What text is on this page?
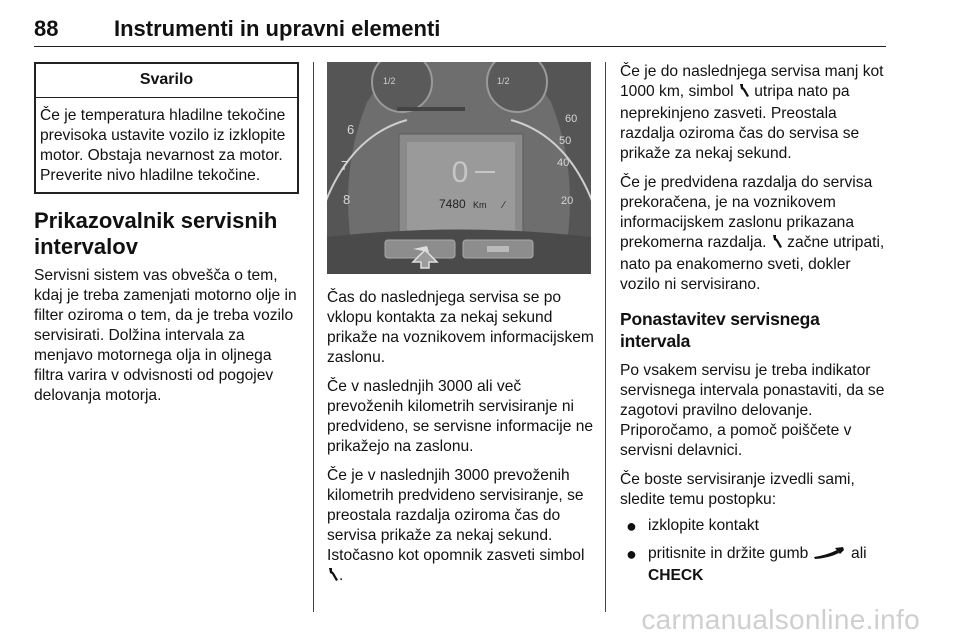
88	Instrumenti in upravni elementi
Svarilo
Če je temperatura hladilne tekočine previsoka ustavite vozilo iz izklopite motor. Obstaja nevarnost za motor. Preverite nivo hladilne tekočine.
Prikazovalnik servisnih intervalov

Servisni sistem vas obvešča o tem, kdaj je treba zamenjati motorno olje in filter oziroma o tem, da je treba vozilo servisirati. Dolžina intervala za menjavo motornega olja in oljnega filtra varira v odvisnosti od pogojev delovanja motorja.

1/2	1/2
6
7
8
60
50
40
20
0
7480 Km	∕

Čas do naslednjega servisa se po vklopu kontakta za nekaj sekund prikaže na voznikovem informacijskem zaslonu.

Če v naslednjih 3000 ali več prevoženih kilometrih servisiranje ni predvideno, se servisne informacije ne prikažejo na zaslonu.

Če je v naslednjih 3000 prevoženih kilometrih predvideno servisiranje, se preostala razdalja oziroma čas do servisa prikaže za nekaj sekund. Istočasno kot opomnik zasveti simbol .

Če je do naslednjega servisa manj kot 1000 km, simbol utripa nato pa neprekinjeno zasveti. Preostala razdalja oziroma čas do servisa se prikaže za nekaj sekund.

Če je predvidena razdalja do servisa prekoračena, je na voznikovem informacijskem zaslonu prikazana prekomerna razdalja. začne utripati, nato pa enakomerno sveti, dokler vozilo ni servisirano.

Ponastavitev servisnega intervala

Po vsakem servisu je treba indikator servisnega intervala ponastaviti, da se zagotovi pravilno delovanje. Priporočamo, a pomoč poiščete v servisni delavnici.

Če boste servisiranje izvedli sami, sledite temu postopku:

● izklopite kontakt
● pritisnite in držite gumb	ali
CHECK
carmanualsonline.info
